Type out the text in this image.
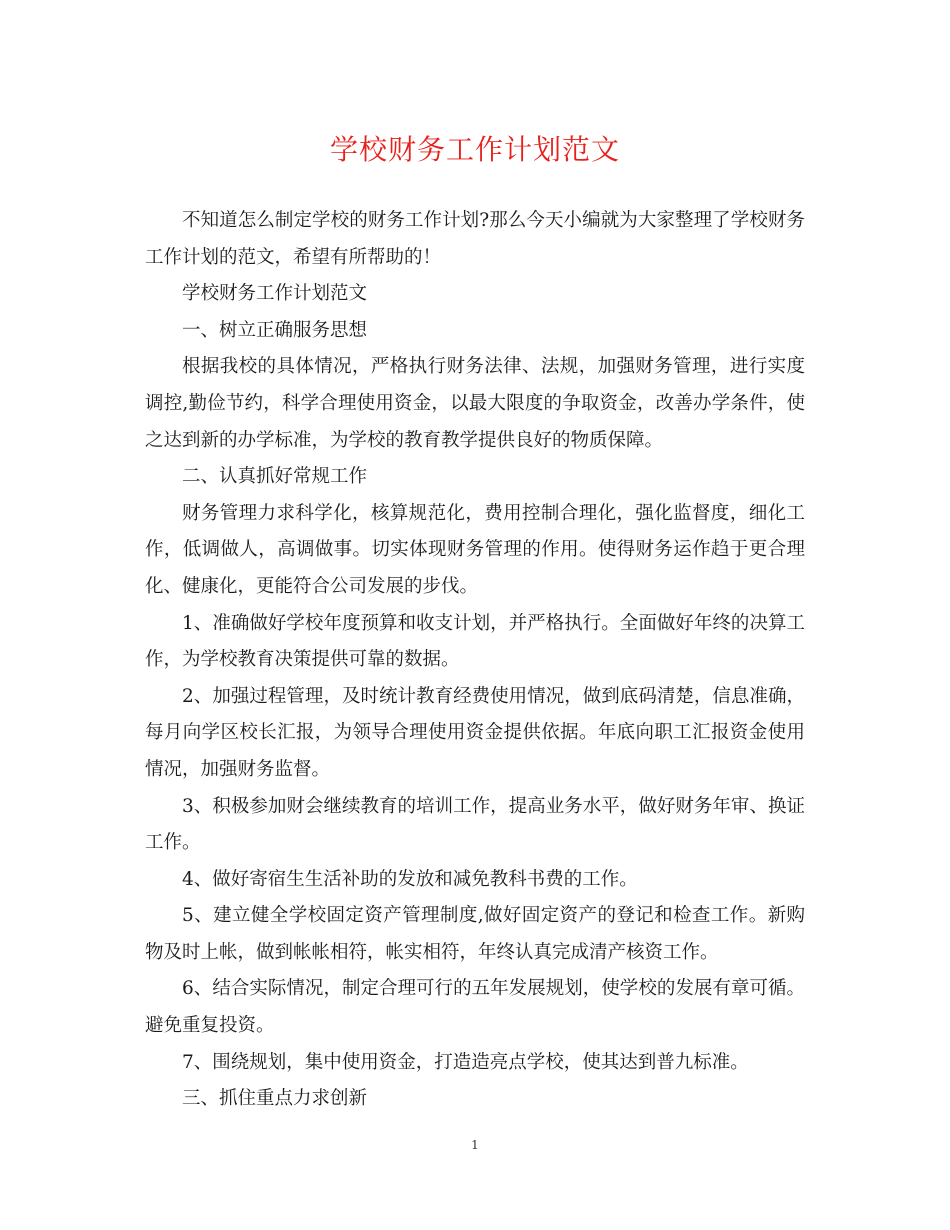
学校财务工作计划范文

不知道怎么制定学校的财务工作计划?那么今天小编就为大家整理了学校财务工作计划的范文，希望有所帮助的！

学校财务工作计划范文

一、树立正确服务思想

根据我校的具体情况，严格执行财务法律、法规，加强财务管理，进行实度调控,勤俭节约，科学合理使用资金，以最大限度的争取资金，改善办学条件，使之达到新的办学标准，为学校的教育教学提供良好的物质保障。

二、认真抓好常规工作

财务管理力求科学化，核算规范化，费用控制合理化，强化监督度，细化工作，低调做人，高调做事。切实体现财务管理的作用。使得财务运作趋于更合理化、健康化，更能符合公司发展的步伐。

1、准确做好学校年度预算和收支计划，并严格执行。全面做好年终的决算工作，为学校教育决策提供可靠的数据。

2、加强过程管理，及时统计教育经费使用情况，做到底码清楚，信息准确，每月向学区校长汇报，为领导合理使用资金提供依据。年底向职工汇报资金使用情况，加强财务监督。

3、积极参加财会继续教育的培训工作，提高业务水平，做好财务年审、换证工作。

4、做好寄宿生生活补助的发放和减免教科书费的工作。

5、建立健全学校固定资产管理制度,做好固定资产的登记和检查工作。新购物及时上帐，做到帐帐相符，帐实相符，年终认真完成清产核资工作。

6、结合实际情况，制定合理可行的五年发展规划，使学校的发展有章可循。避免重复投资。

7、围绕规划，集中使用资金，打造造亮点学校，使其达到普九标准。

三、抓住重点力求创新

1
